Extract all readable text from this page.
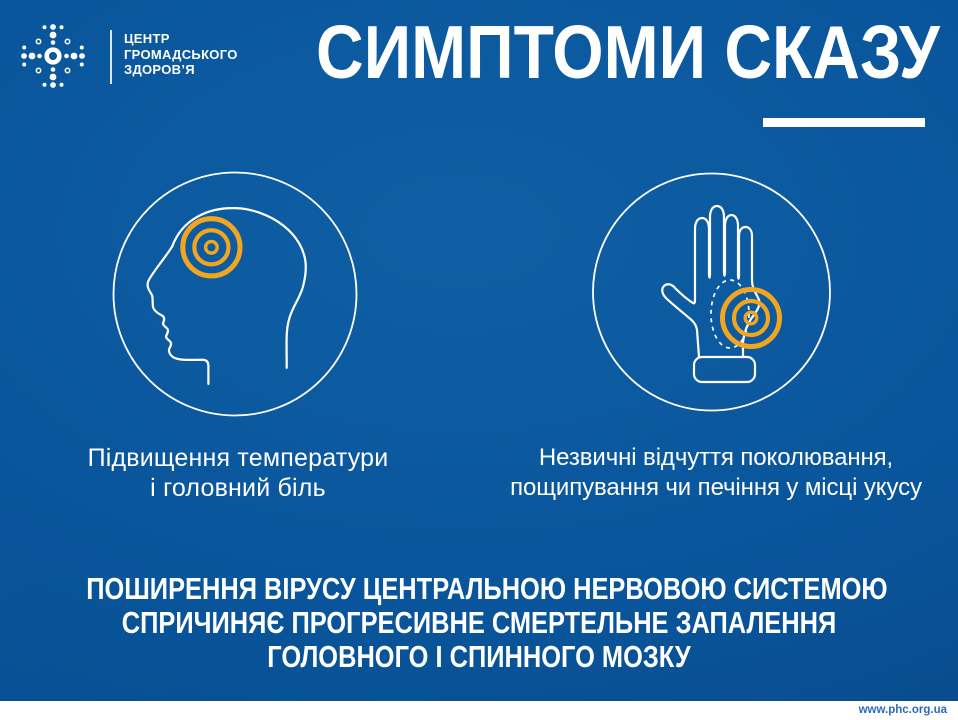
ЦЕНТР
ГРОМАДСЬКОГО
ЗДОРОВ’Я	СИМПТОМИ СКАЗУ
Підвищення температури
і головний біль
Незвичні відчуття поколювання,
пощипування чи печіння у місці укусу
ПОШИРЕННЯ ВІРУСУ ЦЕНТРАЛЬНОЮ НЕРВОВОЮ СИСТЕМОЮ
СПРИЧИНЯЄ ПРОГРЕСИВНЕ СМЕРТЕЛЬНЕ ЗАПАЛЕННЯ
ГОЛОВНОГО І СПИННОГО МОЗКУ
www.phc.org.ua
